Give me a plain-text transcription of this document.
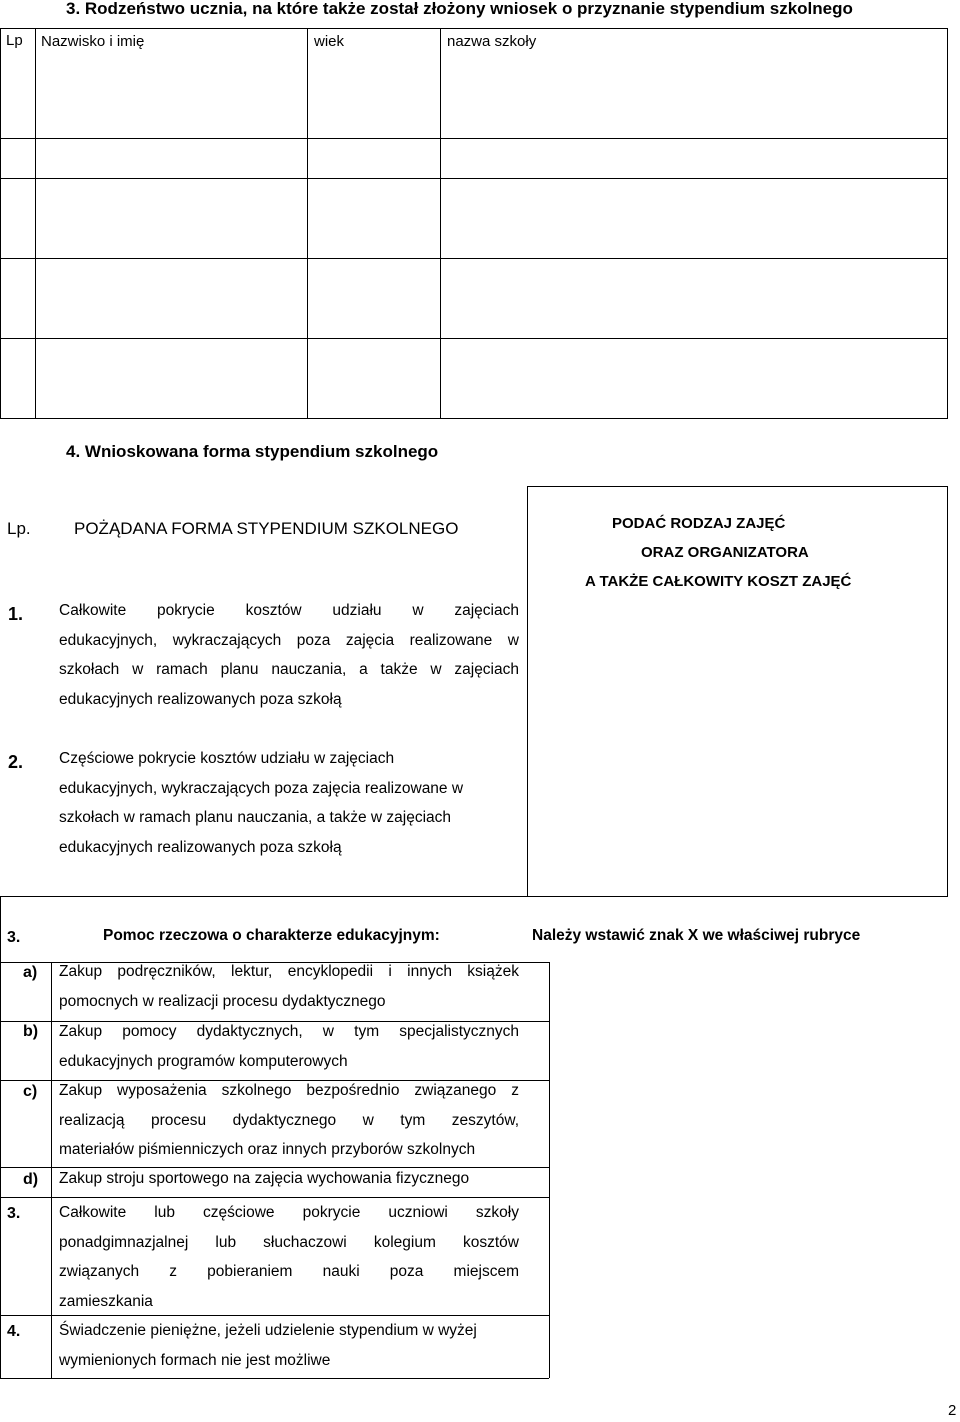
3. Rodzeństwo ucznia, na które także został złożony wniosek o przyznanie stypendium szkolnego
Lp Nazwisko i imię	wiek	nazwa szkoły
4. Wnioskowana forma stypendium szkolnego
Lp.	POŻĄDANA FORMA STYPENDIUM SZKOLNEGO	PODAĆ RODZAJ ZAJĘĆ
ORAZ ORGANIZATORA
A TAKŻE CAŁKOWITY KOSZT ZAJĘĆ
1. Całkowite pokrycie kosztów udziału w zajęciach
edukacyjnych, wykraczających poza zajęcia realizowane w
szkołach w ramach planu nauczania, a także w zajęciach
edukacyjnych realizowanych poza szkołą
2. Częściowe pokrycie kosztów udziału w zajęciach
edukacyjnych, wykraczających poza zajęcia realizowane w
szkołach w ramach planu nauczania, a także w zajęciach
edukacyjnych realizowanych poza szkołą
3.	Pomoc rzeczowa o charakterze edukacyjnym:	Należy wstawić znak X we właściwej rubryce
a) Zakup podręczników, lektur, encyklopedii i innych książek
pomocnych w realizacji procesu dydaktycznego
b) Zakup pomocy dydaktycznych, w tym specjalistycznych
edukacyjnych programów komputerowych
c) Zakup wyposażenia szkolnego bezpośrednio związanego z
realizacją procesu dydaktycznego w tym zeszytów,
materiałów piśmienniczych oraz innych przyborów szkolnych
d) Zakup stroju sportowego na zajęcia wychowania fizycznego
3. Całkowite lub częściowe pokrycie uczniowi szkoły
ponadgimnazjalnej lub słuchaczowi kolegium kosztów
związanych z pobieraniem nauki poza miejscem
zamieszkania
4. Świadczenie pieniężne, jeżeli udzielenie stypendium w wyżej
wymienionych formach nie jest możliwe
2
